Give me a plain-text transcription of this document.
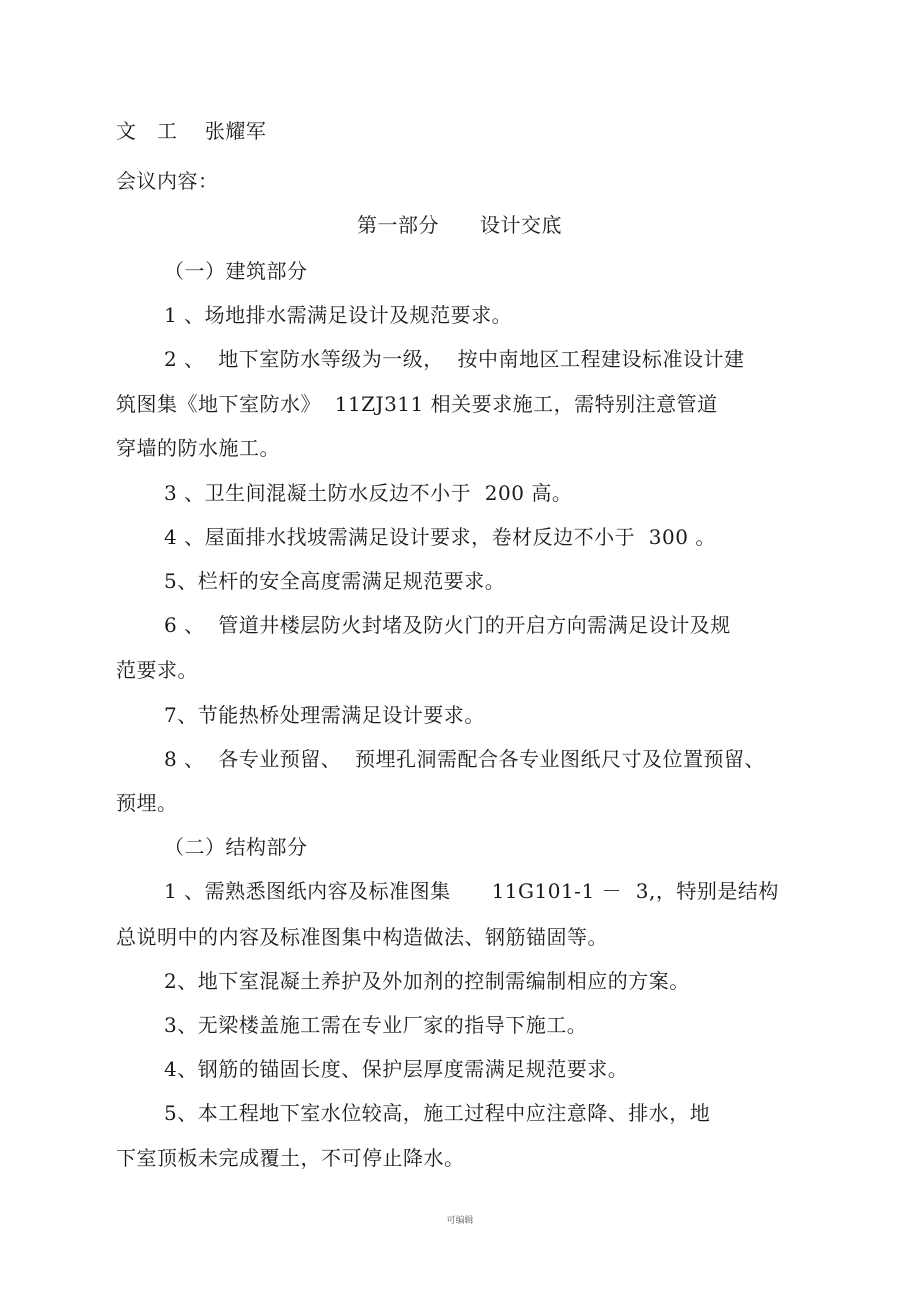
文　工　 张耀军
会议内容：
第一部分　　设计交底
（一）建筑部分
1 、场地排水需满足设计及规范要求。
2 、  地下室防水等级为一级，  按中南地区工程建设标准设计建
筑图集《地下室防水》  11ZJ311 相关要求施工，需特别注意管道
穿墙的防水施工。
3 、卫生间混凝土防水反边不小于  200 高。
4 、屋面排水找坡需满足设计要求，卷材反边不小于  300 。
5、栏杆的安全高度需满足规范要求。
6 、  管道井楼层防火封堵及防火门的开启方向需满足设计及规
范要求。
7、节能热桥处理需满足设计要求。
8 、  各专业预留、  预埋孔洞需配合各专业图纸尺寸及位置预留、
预埋。
（二）结构部分
1 、需熟悉图纸内容及标准图集　　11G101-1 －  3,，特别是结构
总说明中的内容及标准图集中构造做法、钢筋锚固等。
2、地下室混凝土养护及外加剂的控制需编制相应的方案。
3、无梁楼盖施工需在专业厂家的指导下施工。
4、钢筋的锚固长度、保护层厚度需满足规范要求。
5、本工程地下室水位较高，施工过程中应注意降、排水，地
下室顶板未完成覆土，不可停止降水。
可编辑
